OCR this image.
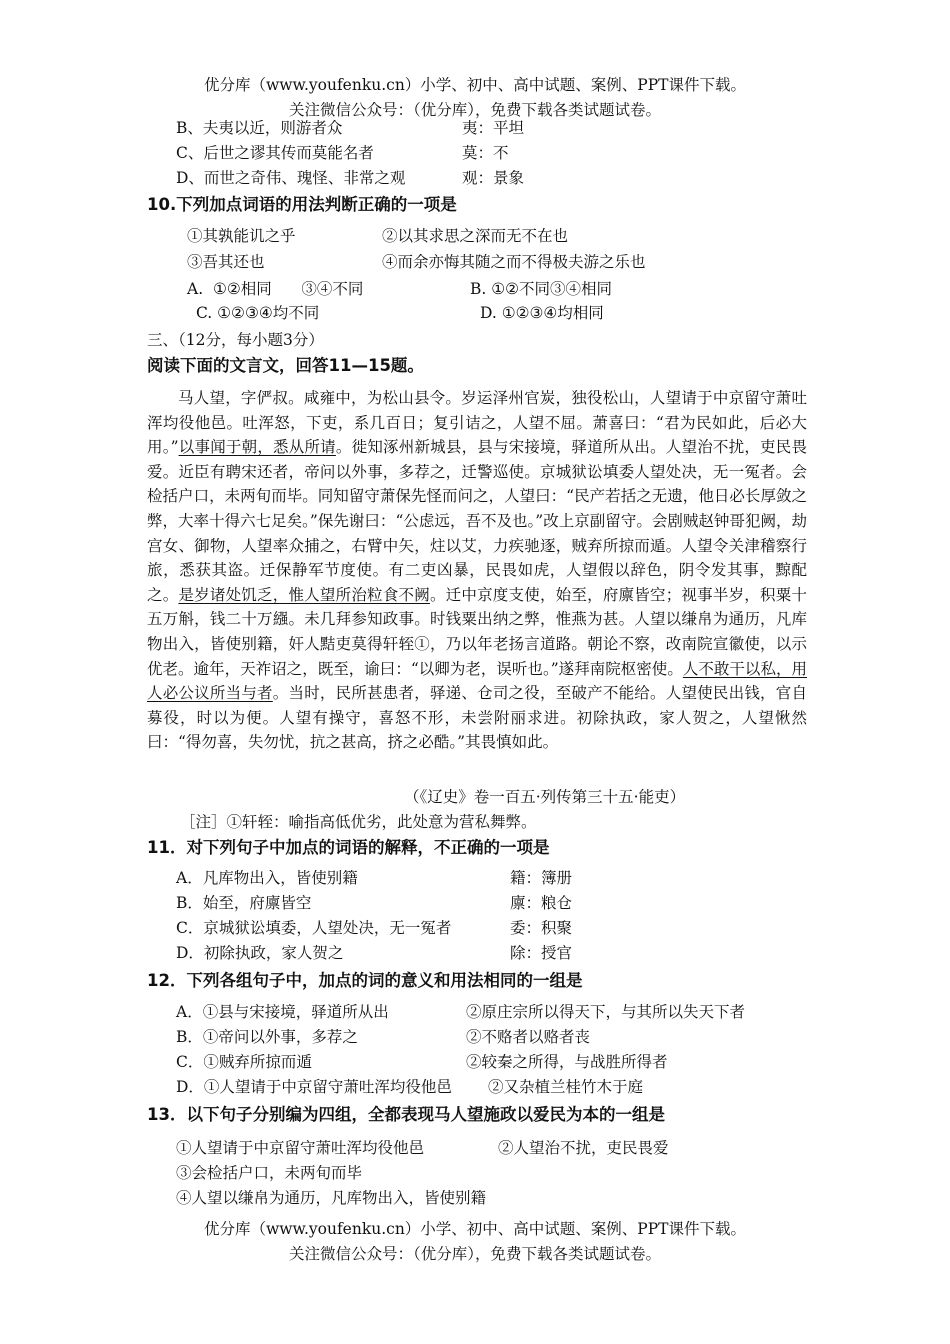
优分库（www.youfenku.cn）小学、初中、高中试题、案例、PPT课件下载。
关注微信公众号：（优分库），免费下载各类试题试卷。
B、夫夷以近，则游者众	夷：平坦
C、后世之谬其传而莫能名者	莫：不
D、而世之奇伟、瑰怪、非常之观	观：景象
10.下列加点词语的用法判断正确的一项是
①其孰能讥之乎	②以其求思之深而无不在也
③吾其还也	④而余亦悔其随之而不得极夫游之乐也
A.  ①②相同      ③④不同	B. ①②不同③④相同
C. ①②③④均不同	D. ①②③④均相同
三、（12分，每小题3分）
阅读下面的文言文，回答11—15题。
马人望，字俨叔。咸雍中，为松山县令。岁运泽州官炭，独役松山，人望请于中京留守萧吐浑均役他邑。吐浑怒，下吏，系几百日；复引诘之，人望不屈。萧喜曰：“君为民如此，后必大用。”以事闻于朝，悉从所请。徙知涿州新城县，县与宋接境，驿道所从出。人望治不扰，吏民畏爱。近臣有聘宋还者，帝问以外事，多荐之，迁警巡使。京城狱讼填委人望处决，无一冤者。会检括户口，未两旬而毕。同知留守萧保先怪而问之，人望曰：“民产若括之无遗，他日必长厚敛之弊，大率十得六七足矣。”保先谢曰：“公虑远，吾不及也。”改上京副留守。会剧贼赵钟哥犯阙，劫宫女、御物，人望率众捕之，右臂中矢，炷以艾，力疾驰逐，贼弃所掠而遁。人望令关津稽察行旅，悉获其盗。迁保静军节度使。有二吏凶暴，民畏如虎，人望假以辞色，阴令发其事，黥配之。是岁诸处饥乏，惟人望所治粒食不阙。迁中京度支使，始至，府廪皆空；视事半岁，积粟十五万斛，钱二十万繦。未几拜参知政事。时钱粟出纳之弊，惟燕为甚。人望以缣帛为通历，凡库物出入，皆使别籍，奸人黠吏莫得轩轾①，乃以年老扬言道路。朝论不察，改南院宣徽使，以示优老。逾年，天祚诏之，既至，谕曰：“以卿为老，误听也。”遂拜南院枢密使。人不敢干以私，用人必公议所当与者。当时，民所甚患者，驿递、仓司之役，至破产不能给。人望使民出钱，官自募役，时以为便。人望有操守，喜怒不形，未尝附丽求进。初除执政，家人贺之，人望愀然曰：“得勿喜，失勿忧，抗之甚高，挤之必酷。”其畏慎如此。
（《辽史》卷一百五·列传第三十五·能吏）
［注］①轩轾：喻指高低优劣，此处意为营私舞弊。
11．对下列句子中加点的词语的解释，不正确的一项是
A．凡库物出入，皆使别籍	籍：簿册
B．始至，府廪皆空	廪：粮仓
C．京城狱讼填委，人望处决，无一冤者	委：积聚
D．初除执政，家人贺之	除：授官
12．下列各组句子中，加点的词的意义和用法相同的一组是
A．①县与宋接境，驿道所从出	②原庄宗所以得天下，与其所以失天下者
B．①帝问以外事，多荐之	②不赂者以赂者丧
C．①贼弃所掠而遁	②较秦之所得，与战胜所得者
D．①人望请于中京留守萧吐浑均役他邑 ②又杂植兰桂竹木于庭
13．以下句子分别编为四组，全都表现马人望施政以爱民为本的一组是
①人望请于中京留守萧吐浑均役他邑	②人望治不扰，吏民畏爱
③会检括户口，未两旬而毕
④人望以缣帛为通历，凡库物出入，皆使别籍
优分库（www.youfenku.cn）小学、初中、高中试题、案例、PPT课件下载。
关注微信公众号：（优分库），免费下载各类试题试卷。
